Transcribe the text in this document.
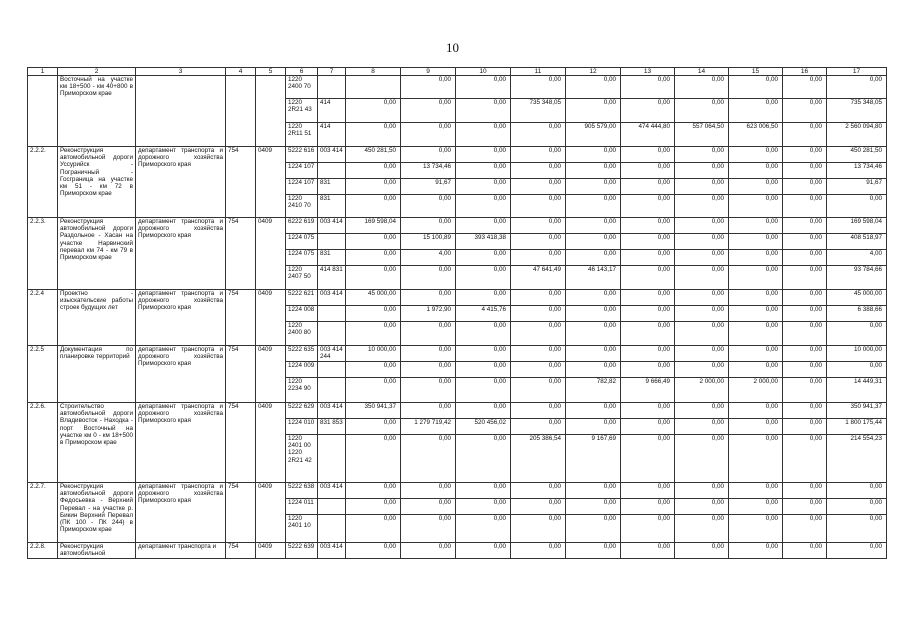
10
1	2	3	4	5	6	7	8	9	10	11	12	13	14	15	16	17
	Восточный на участке км 18+500 - км 40+800 в Приморском крае				1220 2400 70			0,00	0,00	0,00	0,00	0,00	0,00	0,00	0,00	0,00
					1220 2R21 43	414	0,00	0,00	0,00	735 348,05	0,00	0,00	0,00	0,00	0,00	735 348,05
					1220 2R11 51	414	0,00	0,00	0,00	0,00	905 579,00	474 444,80	557 064,50	623 006,50	0,00	2 560 094,80
2.2.2.	Реконструкция автомобильной дороги Уссурийск - Пограничный - Госграница на участке км 51 - км 72 в Приморском крае	департамент транспорта и дорожного хозяйства Приморского края	754	0409	5222 616	003 414	450 281,50	0,00	0,00	0,00	0,00	0,00	0,00	0,00	0,00	450 281,50
					1224 107		0,00	13 734,46	0,00	0,00	0,00	0,00	0,00	0,00	0,00	13 734,46
					1224 107	831	0,00	91,67	0,00	0,00	0,00	0,00	0,00	0,00	0,00	91,67
					1220 2410 70	831	0,00	0,00	0,00	0,00	0,00	0,00	0,00	0,00	0,00	0,00
2.2.3.	Реконструкция автомобильной дороги Раздольное - Хасан на участке Нарвинский перевал км 74 - км 79 в Приморском крае	департамент транспорта и дорожного хозяйства Приморского края	754	0409	6222 619	003 414	169 598,04	0,00	0,00	0,00	0,00	0,00	0,00	0,00	0,00	169 598,04
					1224 075		0,00	15 100,89	393 418,38	0,00	0,00	0,00	0,00	0,00	0,00	408 518,97
					1224 075	831	0,00	4,00	0,00	0,00	0,00	0,00	0,00	0,00	0,00	4,00
					1220 2407 50	414 831	0,00	0,00	0,00	47 641,49	46 143,17	0,00	0,00	0,00	0,00	93 784,66
2.2.4	Проектно - изыскательские работы строек будущих лет	департамент транспорта и дорожного хозяйства Приморского края	754	0409	5222 621	003 414	45 000,00	0,00	0,00	0,00	0,00	0,00	0,00	0,00	0,00	45 000,00
					1224 008		0,00	1 972,90	4 415,76	0,00	0,00	0,00	0,00	0,00	0,00	6 388,66
					1220 2400 80		0,00	0,00	0,00	0,00	0,00	0,00	0,00	0,00	0,00	0,00
2.2.5	Документация по планировке территорий	департамент транспорта и дорожного хозяйства Приморского края	754	0409	5222 635	003 414 244	10 000,00	0,00	0,00	0,00	0,00	0,00	0,00	0,00	0,00	10 000,00
					1224 009		0,00	0,00	0,00	0,00	0,00	0,00	0,00	0,00	0,00	0,00
					1220 2234 90		0,00	0,00	0,00	0,00	782,82	9 666,49	2 000,00	2 000,00	0,00	14 449,31
2.2.6.	Строительство автомобильной дороги Владивосток - Находка - порт Восточный на участке км 0 - км 18+500 в Приморском крае	департамент транспорта и дорожного хозяйства Приморского края	754	0409	5222 629	003 414	350 941,37	0,00	0,00	0,00	0,00	0,00	0,00	0,00	0,00	350 941,37
					1224 010	831 853	0,00	1 279 719,42	520 456,02	0,00	0,00	0,00	0,00	0,00	0,00	1 800 175,44
					1220 2401 00 1220 2R21 42		0,00	0,00	0,00	205 386,54	9 167,69	0,00	0,00	0,00	0,00	214 554,23
2.2.7.	Реконструкция автомобильной дороги Федосьевка - Верхний Перевал - на участке р. Бикин Верхний Перевал (ПК 100 - ПК 244) в Приморском крае	департамент транспорта и дорожного хозяйства Приморского края	754	0409	5222 638	003 414	0,00	0,00	0,00	0,00	0,00	0,00	0,00	0,00	0,00	0,00
					1224 011		0,00	0,00	0,00	0,00	0,00	0,00	0,00	0,00	0,00	0,00
					1220 2401 10		0,00	0,00	0,00	0,00	0,00	0,00	0,00	0,00	0,00	0,00
2.2.8.	Реконструкция автомобильной	департамент транспорта и	754	0409	5222 639	003 414	0,00	0,00	0,00	0,00	0,00	0,00	0,00	0,00	0,00	0,00
